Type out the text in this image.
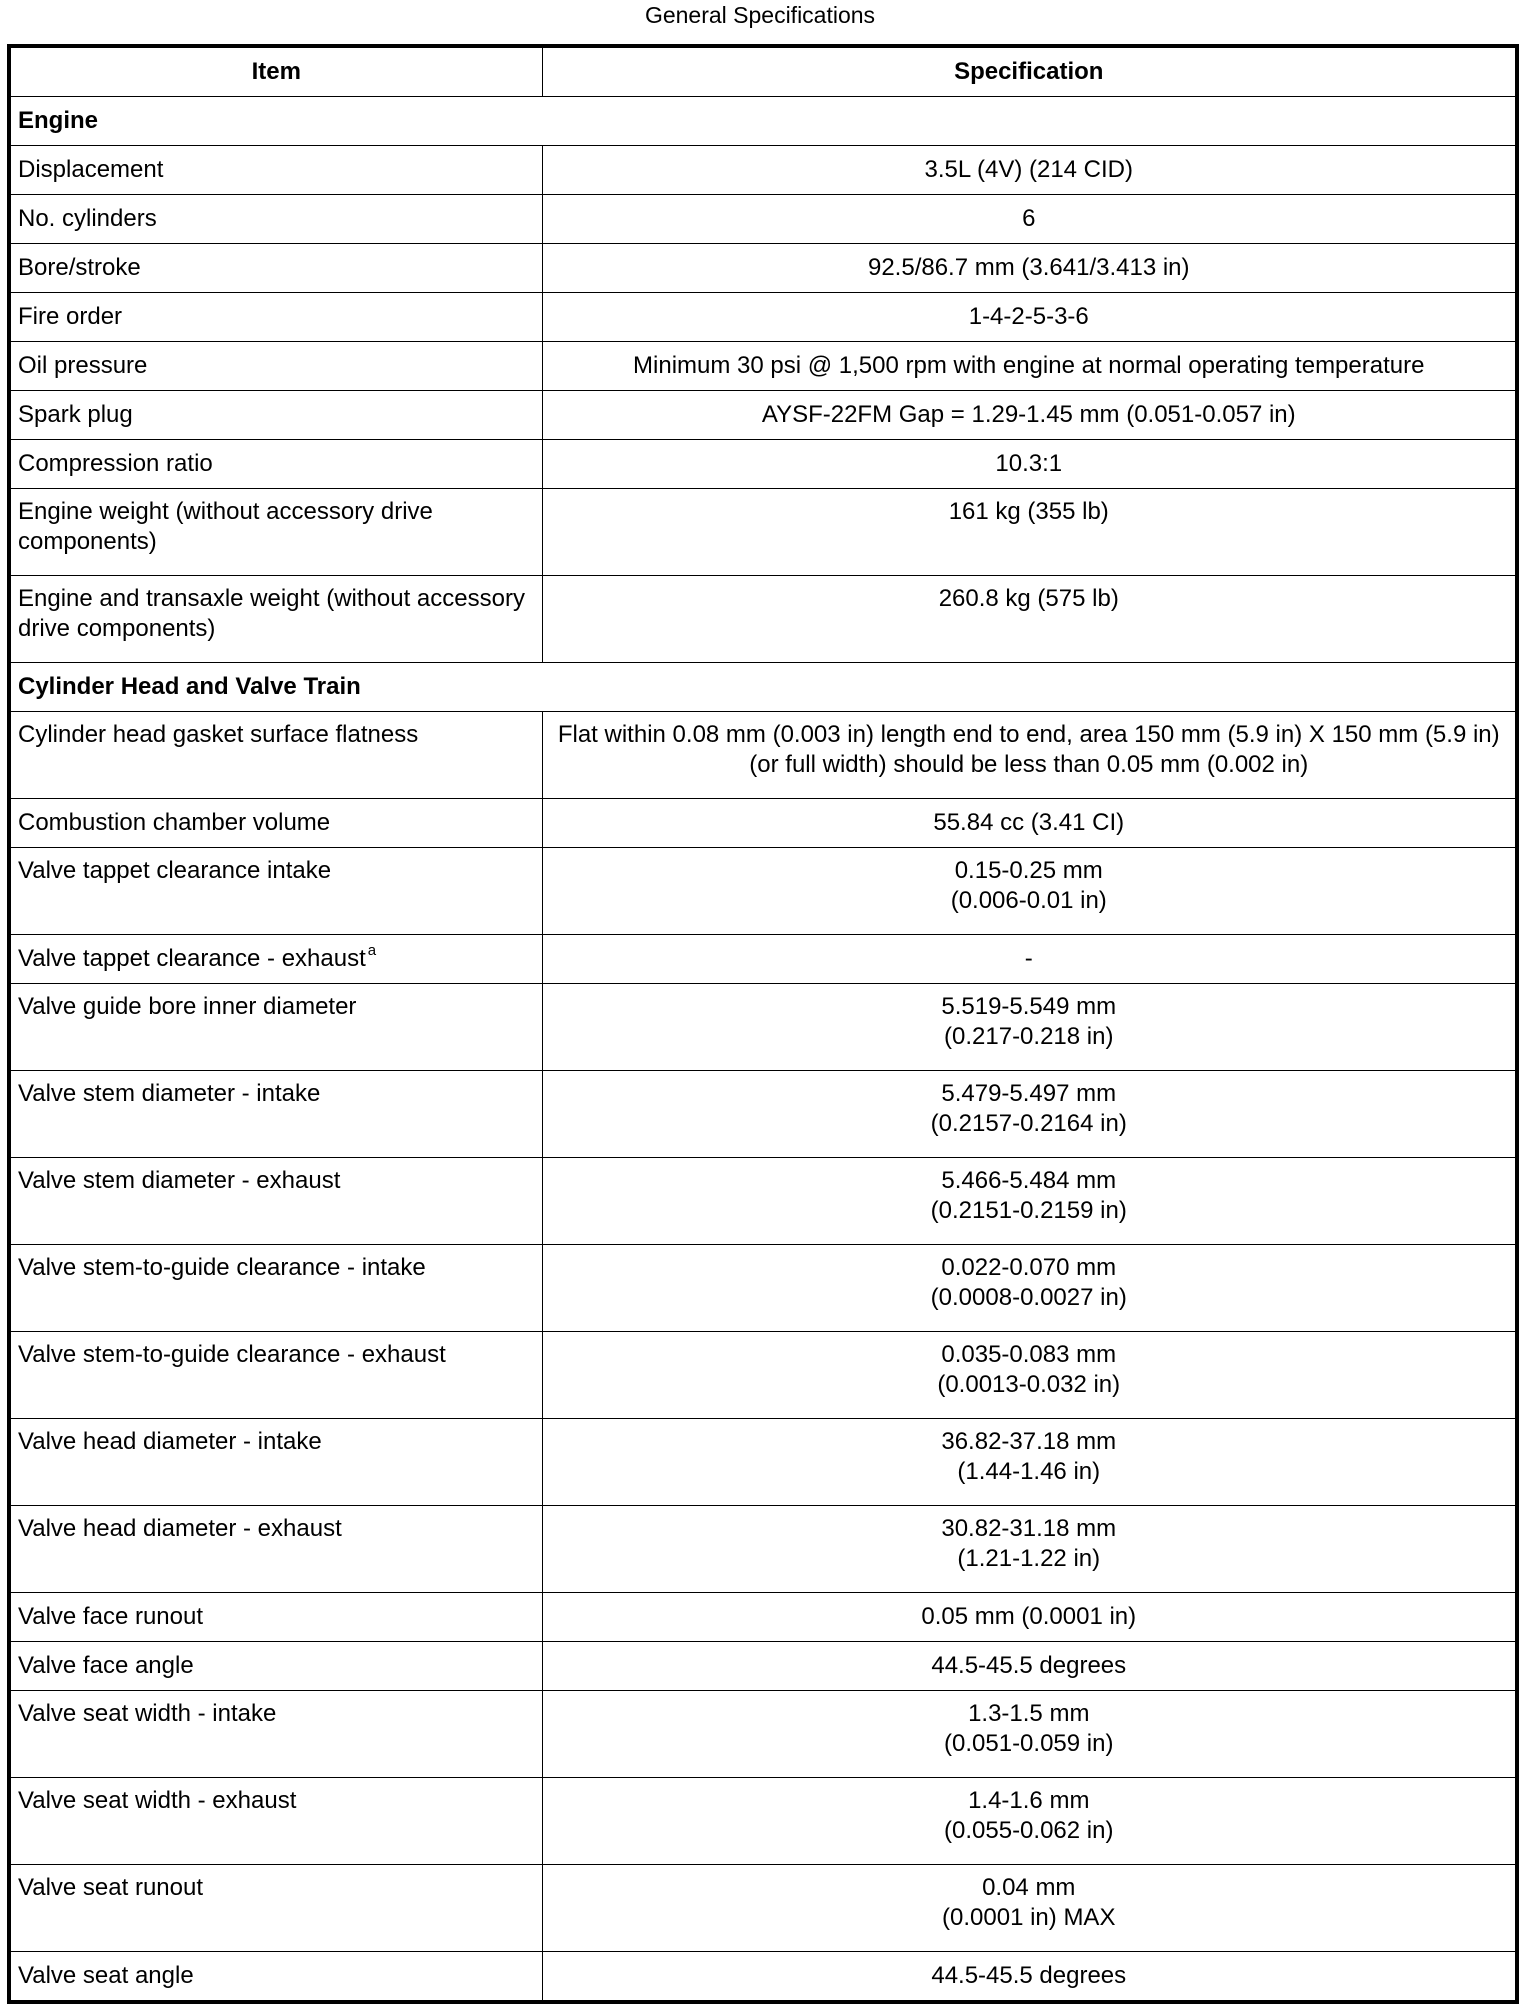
General Specifications
Item	Specification
Engine	
Displacement	3.5L (4V) (214 CID)
No. cylinders	6
Bore/stroke	92.5/86.7 mm (3.641/3.413 in)
Fire order	1-4-2-5-3-6
Oil pressure	Minimum 30 psi @ 1,500 rpm with engine at normal operating temperature
Spark plug	AYSF-22FM Gap = 1.29-1.45 mm (0.051-0.057 in)
Compression ratio	10.3:1
Engine weight (without accessory drive components)	161 kg (355 lb)
Engine and transaxle weight (without accessory drive components)	260.8 kg (575 lb)
Cylinder Head and Valve Train	
Cylinder head gasket surface flatness	Flat within 0.08 mm (0.003 in) length end to end, area 150 mm (5.9 in) X 150 mm (5.9 in) (or full width) should be less than 0.05 mm (0.002 in)
Combustion chamber volume	55.84 cc (3.41 CI)
Valve tappet clearance intake	0.15-0.25 mm
(0.006-0.01 in)
Valve tappet clearance - exhaust $^a$	-
Valve guide bore inner diameter	5.519-5.549 mm
(0.217-0.218 in)
Valve stem diameter - intake	5.479-5.497 mm
(0.2157-0.2164 in)
Valve stem diameter - exhaust	5.466-5.484 mm
(0.2151-0.2159 in)
Valve stem-to-guide clearance - intake	0.022-0.070 mm
(0.0008-0.0027 in)
Valve stem-to-guide clearance - exhaust	0.035-0.083 mm
(0.0013-0.032 in)
Valve head diameter - intake	36.82-37.18 mm
(1.44-1.46 in)
Valve head diameter - exhaust	30.82-31.18 mm
(1.21-1.22 in)
Valve face runout	0.05 mm (0.0001 in)
Valve face angle	44.5-45.5 degrees
Valve seat width - intake	1.3-1.5 mm
(0.051-0.059 in)
Valve seat width - exhaust	1.4-1.6 mm
(0.055-0.062 in)
Valve seat runout	0.04 mm
(0.0001 in) MAX
Valve seat angle	44.5-45.5 degrees
